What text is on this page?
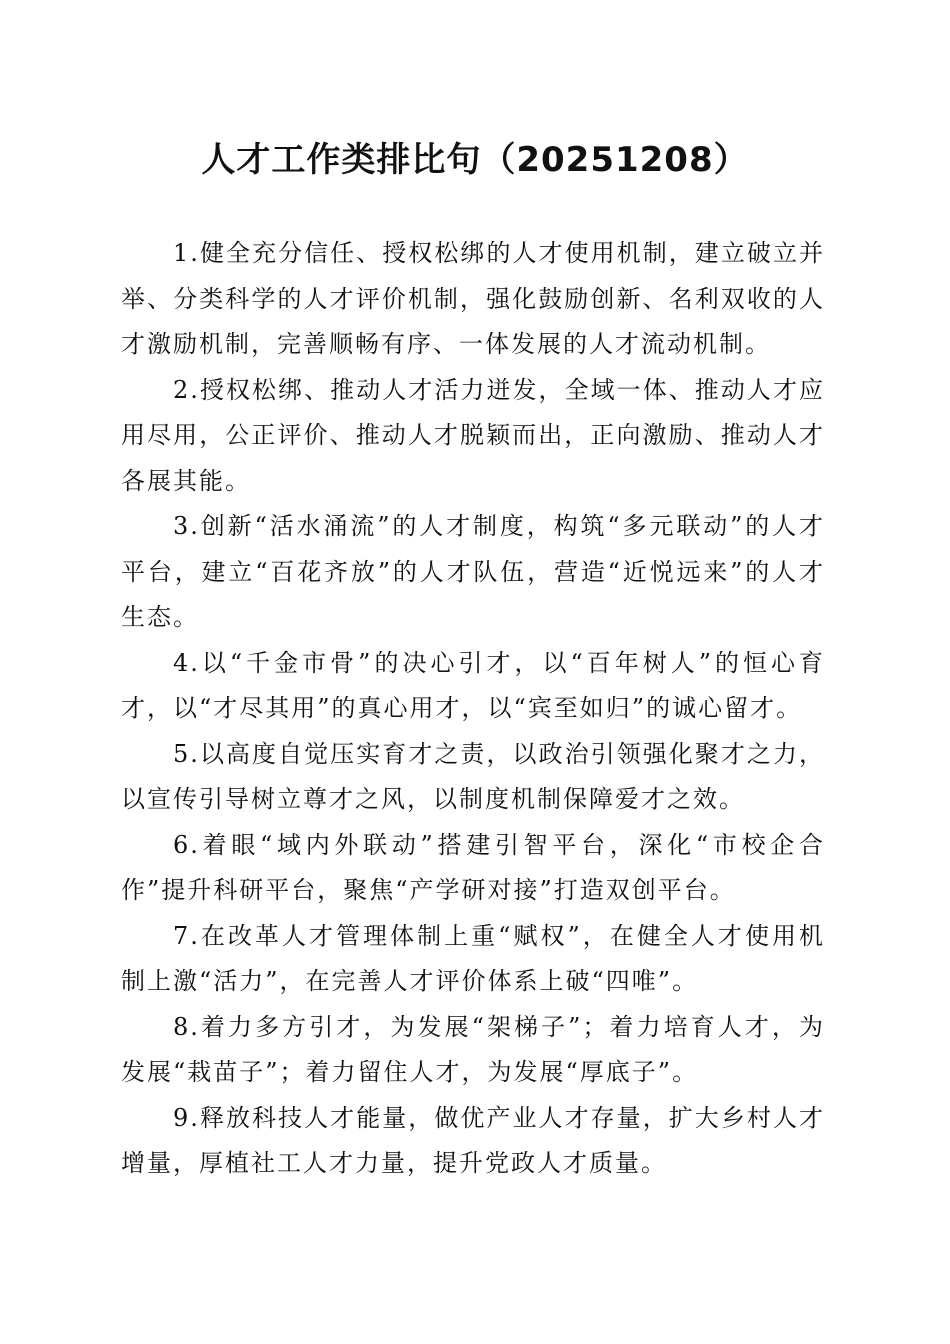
人才工作类排比句（20251208）

1.健全充分信任、授权松绑的人才使用机制，建立破立并举、分类科学的人才评价机制，强化鼓励创新、名利双收的人才激励机制，完善顺畅有序、一体发展的人才流动机制。

2.授权松绑、推动人才活力迸发，全域一体、推动人才应用尽用，公正评价、推动人才脱颖而出，正向激励、推动人才各展其能。

3.创新“活水涌流”的人才制度，构筑“多元联动”的人才平台，建立“百花齐放”的人才队伍，营造“近悦远来”的人才生态。

4.以“千金市骨”的决心引才，以“百年树人”的恒心育才，以“才尽其用”的真心用才，以“宾至如归”的诚心留才。

5.以高度自觉压实育才之责，以政治引领强化聚才之力，以宣传引导树立尊才之风，以制度机制保障爱才之效。

6.着眼“域内外联动”搭建引智平台，深化“市校企合作”提升科研平台，聚焦“产学研对接”打造双创平台。

7.在改革人才管理体制上重“赋权”，在健全人才使用机制上激“活力”，在完善人才评价体系上破“四唯”。

8.着力多方引才，为发展“架梯子”；着力培育人才，为发展“栽苗子”；着力留住人才，为发展“厚底子”。

9.释放科技人才能量，做优产业人才存量，扩大乡村人才增量，厚植社工人才力量，提升党政人才质量。
